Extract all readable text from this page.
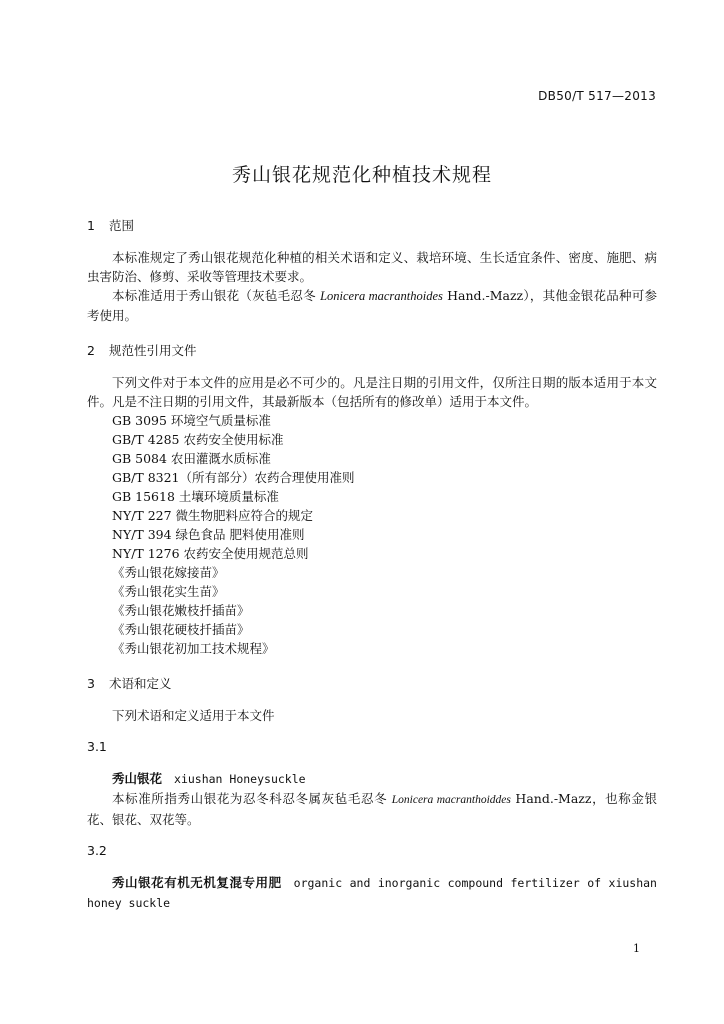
DB50/T 517—2013
秀山银花规范化种植技术规程
1 范围

本标准规定了秀山银花规范化种植的相关术语和定义、栽培环境、生长适宜条件、密度、施肥、病虫害防治、修剪、采收等管理技术要求。

本标准适用于秀山银花（灰毡毛忍冬 Lonicera macranthoides Hand.-Mazz），其他金银花品种可参考使用。

2 规范性引用文件

下列文件对于本文件的应用是必不可少的。凡是注日期的引用文件，仅所注日期的版本适用于本文件。凡是不注日期的引用文件，其最新版本（包括所有的修改单）适用于本文件。

GB 3095 环境空气质量标准
GB/T 4285 农药安全使用标准
GB 5084 农田灌溉水质标准
GB/T 8321（所有部分）农药合理使用准则
GB 15618 土壤环境质量标准
NY/T 227 微生物肥料应符合的规定
NY/T 394 绿色食品 肥料使用准则
NY/T 1276 农药安全使用规范总则
《秀山银花嫁接苗》
《秀山银花实生苗》
《秀山银花嫩枝扦插苗》
《秀山银花硬枝扦插苗》
《秀山银花初加工技术规程》
3 术语和定义

下列术语和定义适用于本文件

3.1
秀山银花 xiushan Honeysuckle

本标准所指秀山银花为忍冬科忍冬属灰毡毛忍冬 Lonicera macranthoiddes Hand.-Mazz，也称金银花、银花、双花等。

3.2

秀山银花有机无机复混专用肥 organic and inorganic compound fertilizer of xiushan honey suckle

1
